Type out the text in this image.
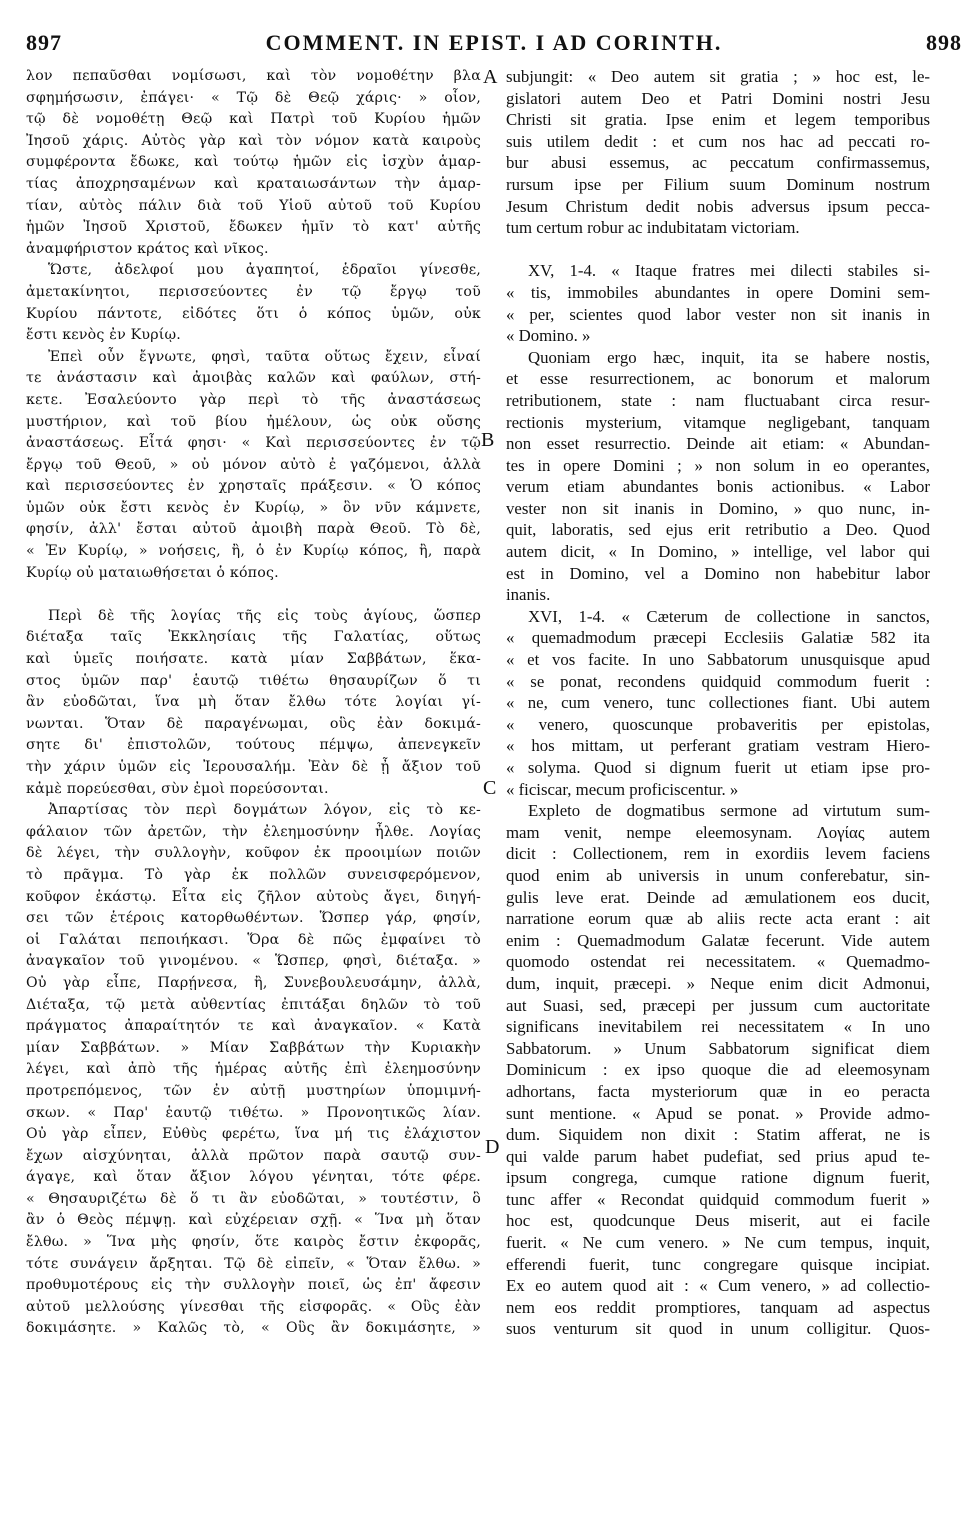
897	COMMENT. IN EPIST. I AD CORINTH.	898
λον πεπαῦσθαι νομίσωσι, καὶ τὸν νομοθέτην βλα
σφημήσωσιν, ἐπάγει· « Τῷ δὲ Θεῷ χάρις· » οἷον,
τῷ δὲ νομοθέτῃ Θεῷ καὶ Πατρὶ τοῦ Κυρίου ἡμῶν
Ἰησοῦ χάρις. Αὐτὸς γὰρ καὶ τὸν νόμον κατὰ καιροὺς
συμφέροντα ἔδωκε, καὶ τούτῳ ἡμῶν εἰς ἰσχὺν ἁμαρ-
τίας ἀποχρησαμένων καὶ κραταιωσάντων τὴν ἁμαρ-
τίαν, αὐτὸς πάλιν διὰ τοῦ Υἱοῦ αὐτοῦ τοῦ Κυρίου
ἡμῶν Ἰησοῦ Χριστοῦ, ἔδωκεν ἡμῖν τὸ κατ' αὐτῆς
ἀναμφήριστον κράτος καὶ νῖκος.
Ὥστε, ἀδελφοί μου ἀγαπητοί, ἑδραῖοι γίνεσθε,
ἀμετακίνητοι, περισσεύοντες ἐν τῷ ἔργῳ τοῦ
Κυρίου πάντοτε, εἰδότες ὅτι ὁ κόπος ὑμῶν, οὐκ
ἔστι κενὸς ἐν Κυρίῳ.
Ἐπεὶ οὖν ἔγνωτε, φησὶ, ταῦτα οὕτως ἔχειν, εἶναί
τε ἀνάστασιν καὶ ἀμοιβὰς καλῶν καὶ φαύλων, στή-
κετε. Ἐσαλεύοντο γὰρ περὶ τὸ τῆς ἀναστάσεως
μυστήριον, καὶ τοῦ βίου ἠμέλουν, ὡς οὐκ οὔσης
ἀναστάσεως. Εἶτά φησι· « Καὶ περισσεύοντες ἐν τῷ
ἔργῳ τοῦ Θεοῦ, » οὐ μόνον αὐτὸ ἐ γαζόμενοι, ἀλλὰ
καὶ περισσεύοντες ἐν χρησταῖς πράξεσιν. « Ὁ κόπος
ὑμῶν οὐκ ἔστι κενὸς ἐν Κυρίῳ, » ὃν νῦν κάμνετε,
φησίν, ἀλλ' ἔσται αὐτοῦ ἀμοιβὴ παρὰ Θεοῦ. Τὸ δὲ,
« Ἐν Κυρίῳ, » νοήσεις, ἢ, ὁ ἐν Κυρίῳ κόπος, ἢ, παρὰ
Κυρίῳ οὐ ματαιωθήσεται ὁ κόπος.
Περὶ δὲ τῆς λογίας τῆς εἰς τοὺς ἁγίους, ὥσπερ
διέταξα ταῖς Ἐκκλησίαις τῆς Γαλατίας, οὕτως
καὶ ὑμεῖς ποιήσατε. κατὰ μίαν Σαββάτων, ἕκα-
στος ὑμῶν παρ' ἑαυτῷ τιθέτω θησαυρίζων ὅ τι
ἂν εὐοδῶται, ἵνα μὴ ὅταν ἔλθω τότε λογίαι γί-
νωνται. Ὅταν δὲ παραγένωμαι, οὓς ἐὰν δοκιμά-
σητε δι' ἐπιστολῶν, τούτους πέμψω, ἀπενεγκεῖν
τὴν χάριν ὑμῶν εἰς Ἰερουσαλήμ. Ἐὰν δὲ ᾖ ἄξιον τοῦ
κἀμὲ πορεύεσθαι, σὺν ἐμοὶ πορεύσονται.
Ἀπαρτίσας τὸν περὶ δογμάτων λόγον, εἰς τὸ κε-
φάλαιον τῶν ἀρετῶν, τὴν ἐλεημοσύνην ἦλθε. Λογίας
δὲ λέγει, τὴν συλλογὴν, κοῦφον ἐκ προοιμίων ποιῶν
τὸ πρᾶγμα. Τὸ γὰρ ἐκ πολλῶν συνεισφερόμενον,
κοῦφον ἑκάστῳ. Εἶτα εἰς ζῆλον αὐτοὺς ἄγει, διηγή-
σει τῶν ἑτέροις κατορθωθέντων. Ὥσπερ γάρ, φησίν,
οἱ Γαλάται πεποιήκασι. Ὅρα δὲ πῶς ἐμφαίνει τὸ
ἀναγκαῖον τοῦ γινομένου. « Ὥσπερ, φησὶ, διέταξα. »
Οὐ γὰρ εἶπε, Παρῄνεσα, ἢ, Συνεβουλευσάμην, ἀλλὰ,
Διέταξα, τῷ μετὰ αὐθεντίας ἐπιτάξαι δηλῶν τὸ τοῦ
πράγματος ἀπαραίτητόν τε καὶ ἀναγκαῖον. « Κατὰ
μίαν Σαββάτων. » Μίαν Σαββάτων τὴν Κυριακὴν
λέγει, καὶ ἀπὸ τῆς ἡμέρας αὐτῆς ἐπὶ ἐλεημοσύνην
προτρεπόμενος, τῶν ἐν αὐτῇ μυστηρίων ὑπομιμνή-
σκων. « Παρ' ἑαυτῷ τιθέτω. » Προνοητικῶς λίαν.
Οὐ γὰρ εἶπεν, Εὐθὺς φερέτω, ἵνα μή τις ἐλάχιστον
ἔχων αἰσχύνηται, ἀλλὰ πρῶτον παρὰ σαυτῷ συν-
άγαγε, καὶ ὅταν ἄξιον λόγου γένηται, τότε φέρε.
« Θησαυριζέτω δὲ ὅ τι ἂν εὐοδῶται, » τουτέστιν, ὃ
ἂν ὁ Θεὸς πέμψῃ. καὶ εὐχέρειαν σχῇ. « Ἵνα μὴ ὅταν
ἔλθω. » Ἵνα μὴς φησίν, ὅτε καιρὸς ἔστιν ἐκφορᾶς,
τότε συνάγειν ἄρξηται. Τῷ δὲ εἰπεῖν, « Ὅταν ἔλθω. »
προθυμοτέρους εἰς τὴν συλλογὴν ποιεῖ, ὡς ἐπ' ἄφεσιν
αὐτοῦ μελλούσης γίνεσθαι τῆς εἰσφορᾶς. « Οὓς ἐὰν
δοκιμάσητε. » Καλῶς τὸ, « Οὓς ἂν δοκιμάσητε, »
subjungit: « Deo autem sit gratia ; » hoc est, le-
gislatori autem Deo et Patri Domini nostri Jesu
Christi sit gratia. Ipse enim et legem temporibus
suis utilem dedit : et cum nos hac ad peccati ro-
bur abusi essemus, ac peccatum confirmassemus,
rursum ipse per Filium suum Dominum nostrum
Jesum Christum dedit nobis adversus ipsum pecca-
tum certum robur ac indubitatam victoriam.
XV, 1-4. « Itaque fratres mei dilecti stabiles si-
« tis, immobiles abundantes in opere Domini sem-
« per, scientes quod labor vester non sit inanis in
« Domino. »
Quoniam ergo hæc, inquit, ita se habere nostis,
et esse resurrectionem, ac bonorum et malorum
retributionem, state : nam fluctuabant circa resur-
rectionis mysterium, vitamque negligebant, tanquam
non esset resurrectio. Deinde ait etiam: « Abundan-
tes in opere Domini ; » non solum in eo operantes,
verum etiam abundantes bonis actionibus. « Labor
vester non sit inanis in Domino, » quo nunc, in-
quit, laboratis, sed ejus erit retributio a Deo. Quod
autem dicit, « In Domino, » intellige, vel labor qui
est in Domino, vel a Domino non habebitur labor
inanis.
XVI, 1-4. « Cæterum de collectione in sanctos,
« quemadmodum præcepi Ecclesiis Galatiæ 582 ita
« et vos facite. In uno Sabbatorum unusquisque apud
« se ponat, recondens quidquid commodum fuerit :
« ne, cum venero, tunc collectiones fiant. Ubi autem
« venero, quoscunque probaveritis per epistolas,
« hos mittam, ut perferant gratiam vestram Hiero-
« solyma. Quod si dignum fuerit ut etiam ipse pro-
« ficiscar, mecum proficiscentur. »
Expleto de dogmatibus sermone ad virtutum sum-
mam venit, nempe eleemosynam. Λογίας autem
dicit : Collectionem, rem in exordiis levem faciens
quod enim ab universis in unum conferebatur, sin-
gulis leve erat. Deinde ad æmulationem eos ducit,
narratione eorum quæ ab aliis recte acta erant : ait
enim : Quemadmodum Galatæ fecerunt. Vide autem
quomodo ostendat rei necessitatem. « Quemadmo-
dum, inquit, præcepi. » Neque enim dicit Admonui,
aut Suasi, sed, præcepi per jussum cum auctoritate
significans inevitabilem rei necessitatem « In uno
Sabbatorum. » Unum Sabbatorum significat diem
Dominicum : ex ipso quoque die ad eleemosynam
adhortans, facta mysteriorum quæ in eo peracta
sunt mentione. « Apud se ponat. » Provide admo-
dum. Siquidem non dixit : Statim afferat, ne is
qui valde parum habet pudefiat, sed prius apud te-
ipsum congrega, cumque ratione dignum fuerit,
tunc affer « Recondat quidquid commodum fuerit »
hoc est, quodcunque Deus miserit, aut ei facile
fuerit. « Ne cum venero. » Ne cum tempus, inquit,
efferendi fuerit, tunc congregare quisque incipiat.
Ex eo autem quod ait : « Cum venero, » ad collectio-
nem eos reddit promptiores, tanquam ad aspectus
suos venturum sit quod in unum colligitur. Quos-
A
B
C
D
